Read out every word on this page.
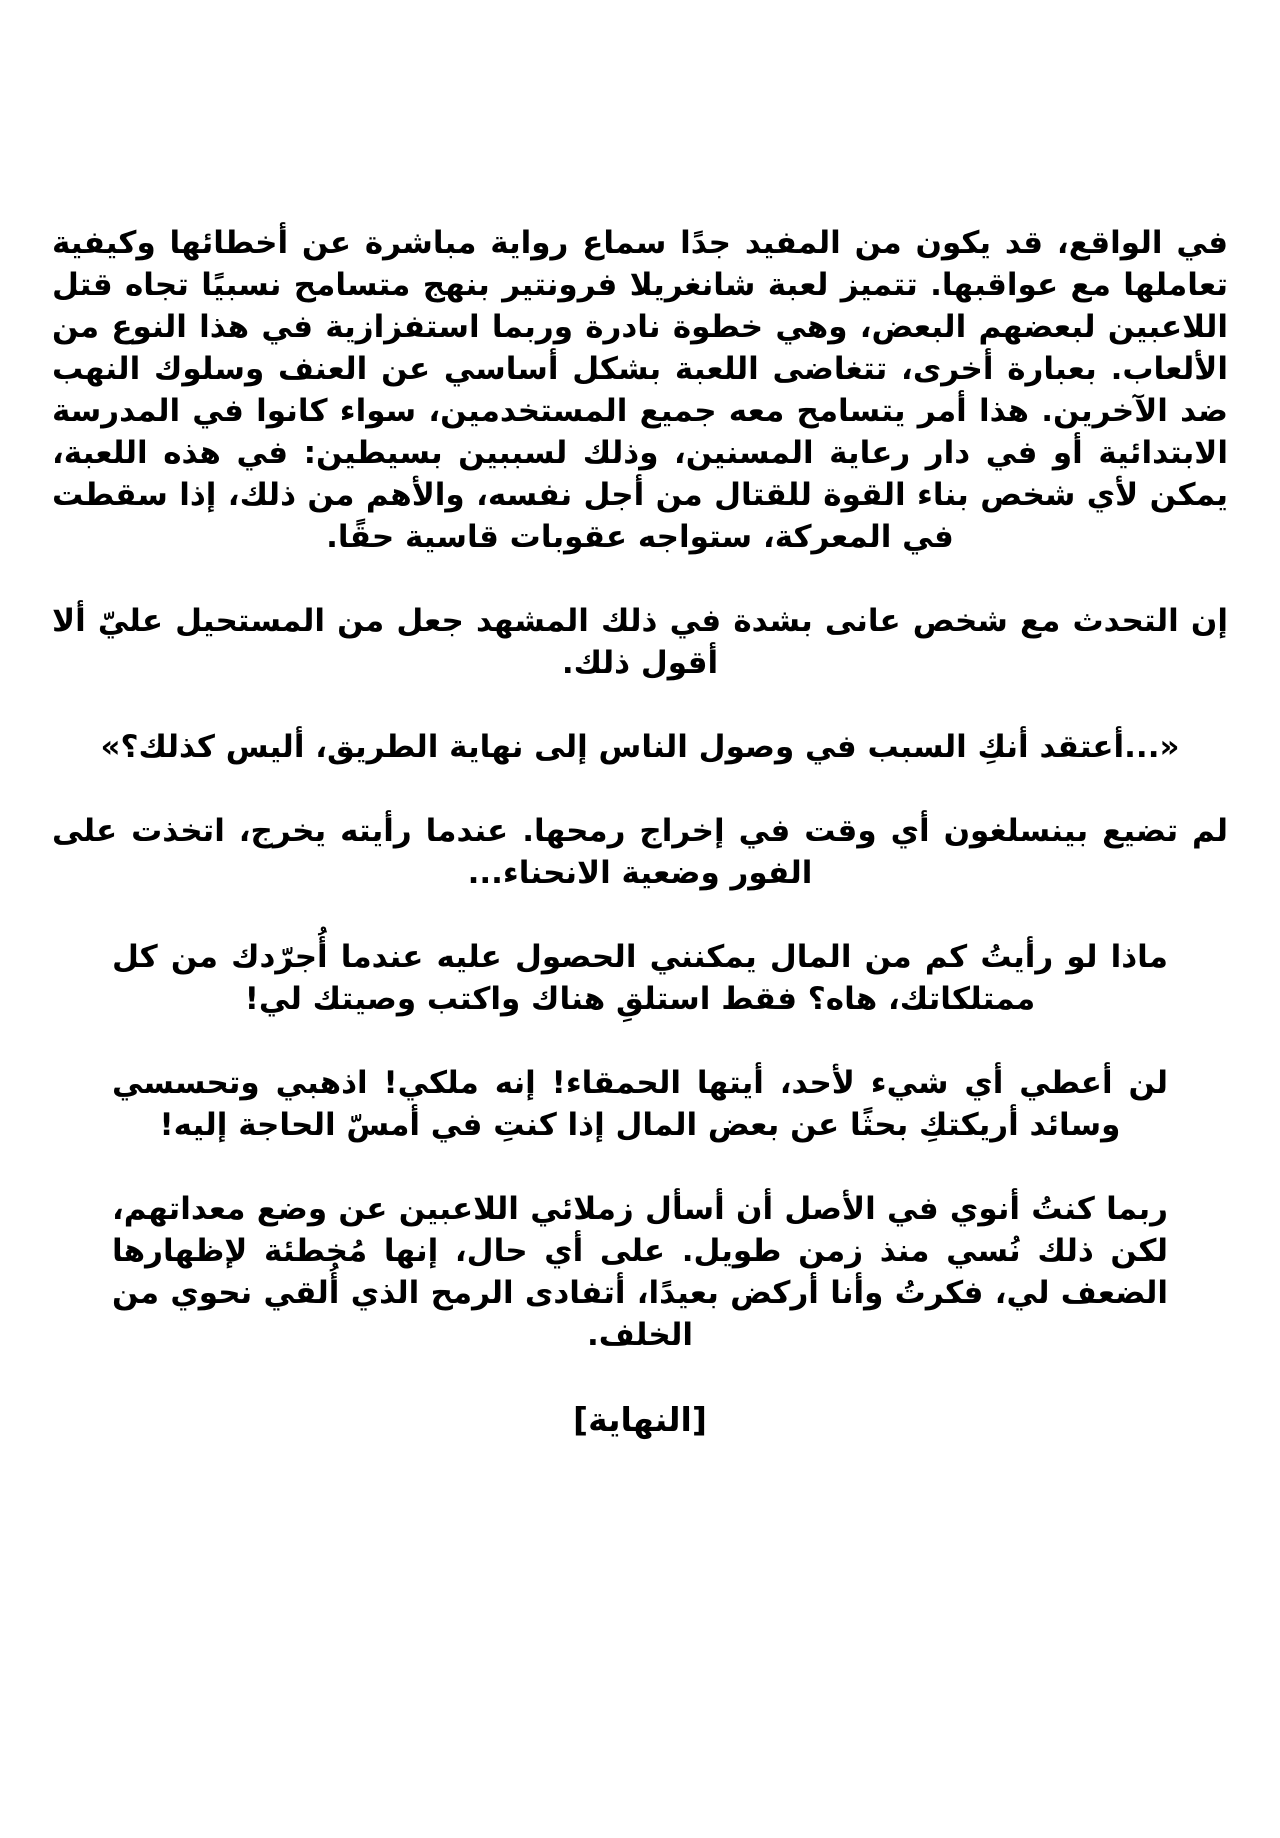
في الواقع، قد يكون من المفيد جدًا سماع رواية مباشرة عن أخطائها وكيفية تعاملها مع عواقبها. تتميز لعبة شانغريلا فرونتير بنهج متسامح نسبيًا تجاه قتل اللاعبين لبعضهم البعض، وهي خطوة نادرة وربما استفزازية في هذا النوع من الألعاب. بعبارة أخرى، تتغاضى اللعبة بشكل أساسي عن العنف وسلوك النهب ضد الآخرين. هذا أمر يتسامح معه جميع المستخدمين، سواء كانوا في المدرسة الابتدائية أو في دار رعاية المسنين، وذلك لسببين بسيطين: في هذه اللعبة، يمكن لأي شخص بناء القوة للقتال من أجل نفسه، والأهم من ذلك، إذا سقطت في المعركة، ستواجه عقوبات قاسية حقًا.

إن التحدث مع شخص عانى بشدة في ذلك المشهد جعل من المستحيل عليّ ألا أقول ذلك.

«...أعتقد أنكِ السبب في وصول الناس إلى نهاية الطريق، أليس كذلك؟»

لم تضيع بينسلغون أي وقت في إخراج رمحها. عندما رأيته يخرج، اتخذت على الفور وضعية الانحناء...

ماذا لو رأيتُ كم من المال يمكنني الحصول عليه عندما أُجرّدك من كل ممتلكاتك، هاه؟ فقط استلقِ هناك واكتب وصيتك لي!

لن أعطي أي شيء لأحد، أيتها الحمقاء! إنه ملكي! اذهبي وتحسسي وسائد أريكتكِ بحثًا عن بعض المال إذا كنتِ في أمسّ الحاجة إليه!

ربما كنتُ أنوي في الأصل أن أسأل زملائي اللاعبين عن وضع معداتهم، لكن ذلك نُسي منذ زمن طويل. على أي حال، إنها مُخطئة لإظهارها الضعف لي، فكرتُ وأنا أركض بعيدًا، أتفادى الرمح الذي أُلقي نحوي من الخلف.

[النهاية]
